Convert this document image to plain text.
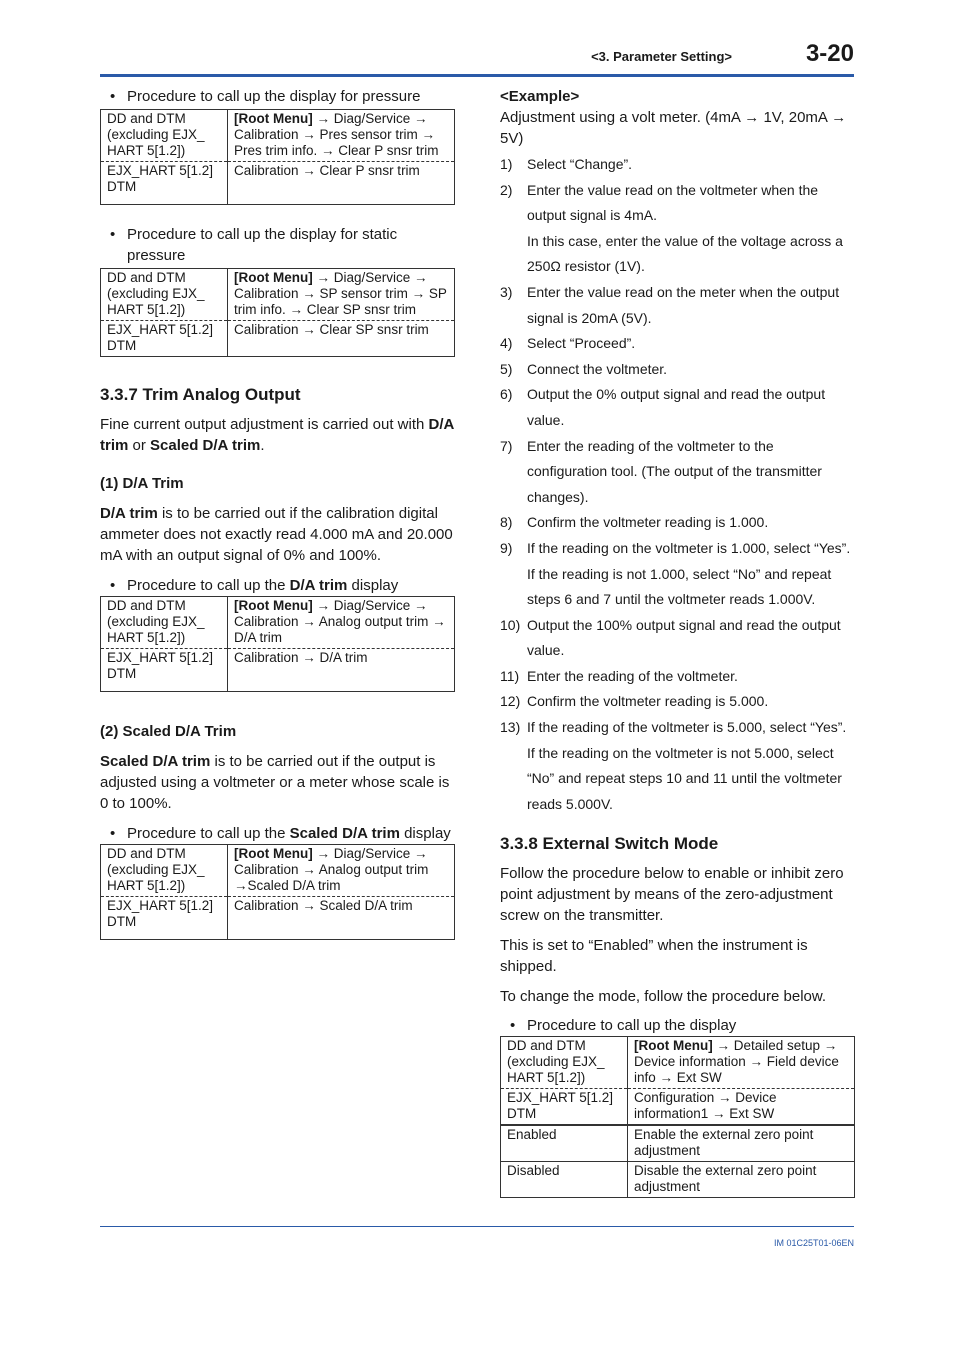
<3. Parameter Setting>	3-20

• Procedure to call up the display for pressure

DD and DTM (excluding EJX_ HART 5[1.2])	[Root Menu] → Diag/Service → Calibration → Pres sensor trim → Pres trim info. → Clear P snsr trim
EJX_HART 5[1.2] DTM	Calibration → Clear P snsr trim

• Procedure to call up the display for static pressure

DD and DTM (excluding EJX_ HART 5[1.2])	[Root Menu] → Diag/Service → Calibration → SP sensor trim → SP trim info. → Clear SP snsr trim
EJX_HART 5[1.2] DTM	Calibration → Clear SP snsr trim

3.3.7 Trim Analog Output

Fine current output adjustment is carried out with D/A trim or Scaled D/A trim.

(1) D/A Trim

D/A trim is to be carried out if the calibration digital ammeter does not exactly read 4.000 mA and 20.000 mA with an output signal of 0% and 100%.

• Procedure to call up the D/A trim display

DD and DTM (excluding EJX_ HART 5[1.2])	[Root Menu] → Diag/Service → Calibration → Analog output trim → D/A trim
EJX_HART 5[1.2] DTM	Calibration → D/A trim

(2) Scaled D/A Trim

Scaled D/A trim is to be carried out if the output is adjusted using a voltmeter or a meter whose scale is 0 to 100%.

• Procedure to call up the Scaled D/A trim display

DD and DTM (excluding EJX_ HART 5[1.2])	[Root Menu] → Diag/Service → Calibration → Analog output trim →Scaled D/A trim
EJX_HART 5[1.2] DTM	Calibration → Scaled D/A trim

<Example>

Adjustment using a volt meter. (4mA → 1V, 20mA → 5V)

1) Select “Change”.
2) Enter the value read on the voltmeter when the output signal is 4mA.
In this case, enter the value of the voltage across a 250Ω resistor (1V).
3) Enter the value read on the meter when the output signal is 20mA (5V).
4) Select “Proceed”.
5) Connect the voltmeter.
6) Output the 0% output signal and read the output value.
7) Enter the reading of the voltmeter to the configuration tool. (The output of the transmitter changes).
8) Confirm the voltmeter reading is 1.000.
9) If the reading on the voltmeter is 1.000, select “Yes”.
If the reading is not 1.000, select “No” and repeat steps 6 and 7 until the voltmeter reads 1.000V.
10) Output the 100% output signal and read the output value.
11) Enter the reading of the voltmeter.
12) Confirm the voltmeter reading is 5.000.
13) If the reading of the voltmeter is 5.000, select “Yes”.
If the reading on the voltmeter is not 5.000, select “No” and repeat steps 10 and 11 until the voltmeter reads 5.000V.

3.3.8 External Switch Mode

Follow the procedure below to enable or inhibit zero point adjustment by means of the zero-adjustment screw on the transmitter.

This is set to “Enabled” when the instrument is shipped.

To change the mode, follow the procedure below.

• Procedure to call up the display

DD and DTM (excluding EJX_ HART 5[1.2])	[Root Menu] → Detailed setup → Device information → Field device info → Ext SW
EJX_HART 5[1.2] DTM	Configuration → Device information1 → Ext SW
Enabled	Enable the external zero point adjustment
Disabled	Disable the external zero point adjustment
IM 01C25T01-06EN
